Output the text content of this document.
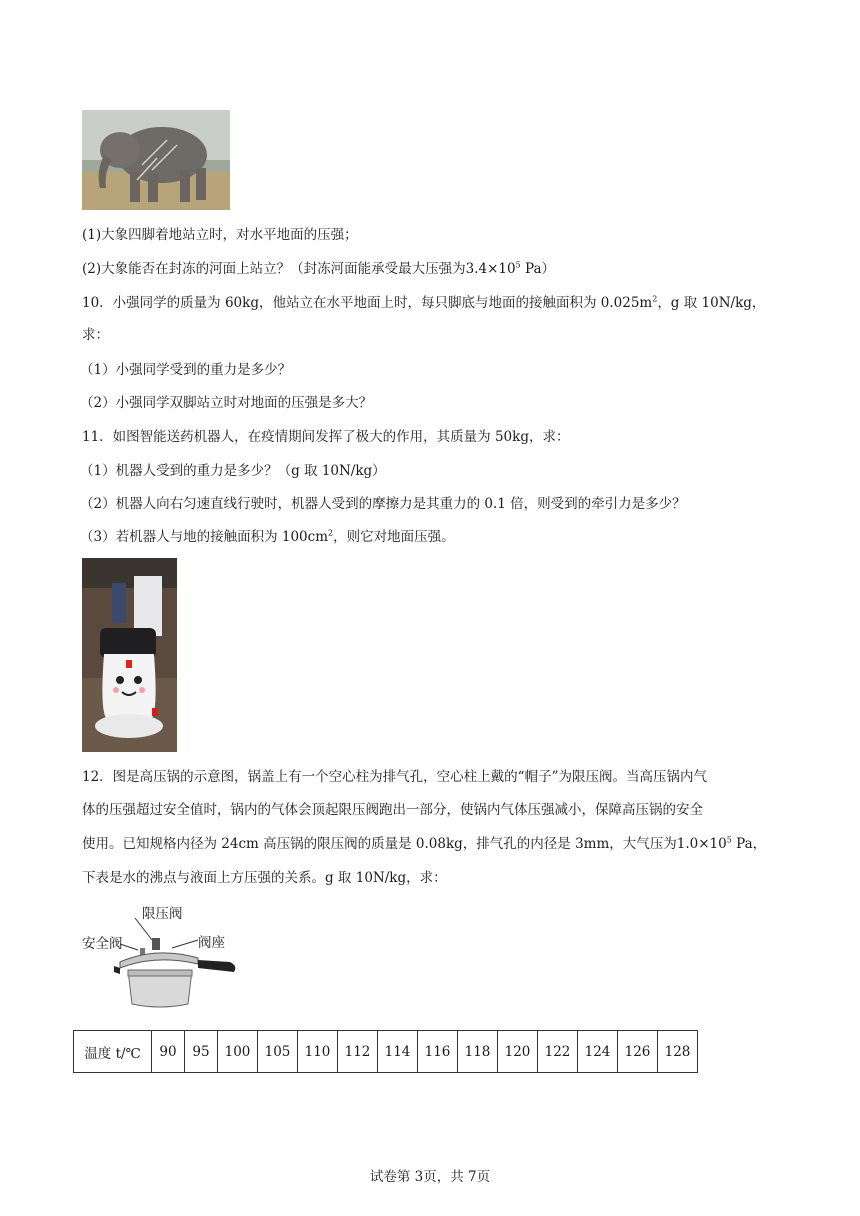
(1)大象四脚着地站立时，对水平地面的压强；
(2)大象能否在封冻的河面上站立？（封冻河面能承受最大压强为$3.4\times 10^5$ Pa）
10．小强同学的质量为 60kg，他站立在水平地面上时，每只脚底与地面的接触面积为 $0.025m^2$，g 取 10N/kg，
求：
（1）小强同学受到的重力是多少？
（2）小强同学双脚站立时对地面的压强是多大？
11．如图智能送药机器人，在疫情期间发挥了极大的作用，其质量为 50kg，求：
（1）机器人受到的重力是多少？（g 取 10N/kg）
（2）机器人向右匀速直线行驶时，机器人受到的摩擦力是其重力的 0.1 倍，则受到的牵引力是多少？
（3）若机器人与地的接触面积为 $100cm^2$，则它对地面压强。
12．图是高压锅的示意图，锅盖上有一个空心柱为排气孔，空心柱上戴的“帽子”为限压阀。当高压锅内气
体的压强超过安全值时，锅内的气体会顶起限压阀跑出一部分，使锅内气体压强减小，保障高压锅的安全
使用。已知规格内径为 24cm 高压锅的限压阀的质量是 0.08kg，排气孔的内径是 3mm，大气压为$1.0\times 10^5$ Pa，
下表是水的沸点与液面上方压强的关系。g 取 10N/kg，求：
限压阀
安全阀	阀座
温度 t/℃	90	95	100	105	110	112	114	116	118	120	122	124	126	128
试卷第 3页，共 7页
